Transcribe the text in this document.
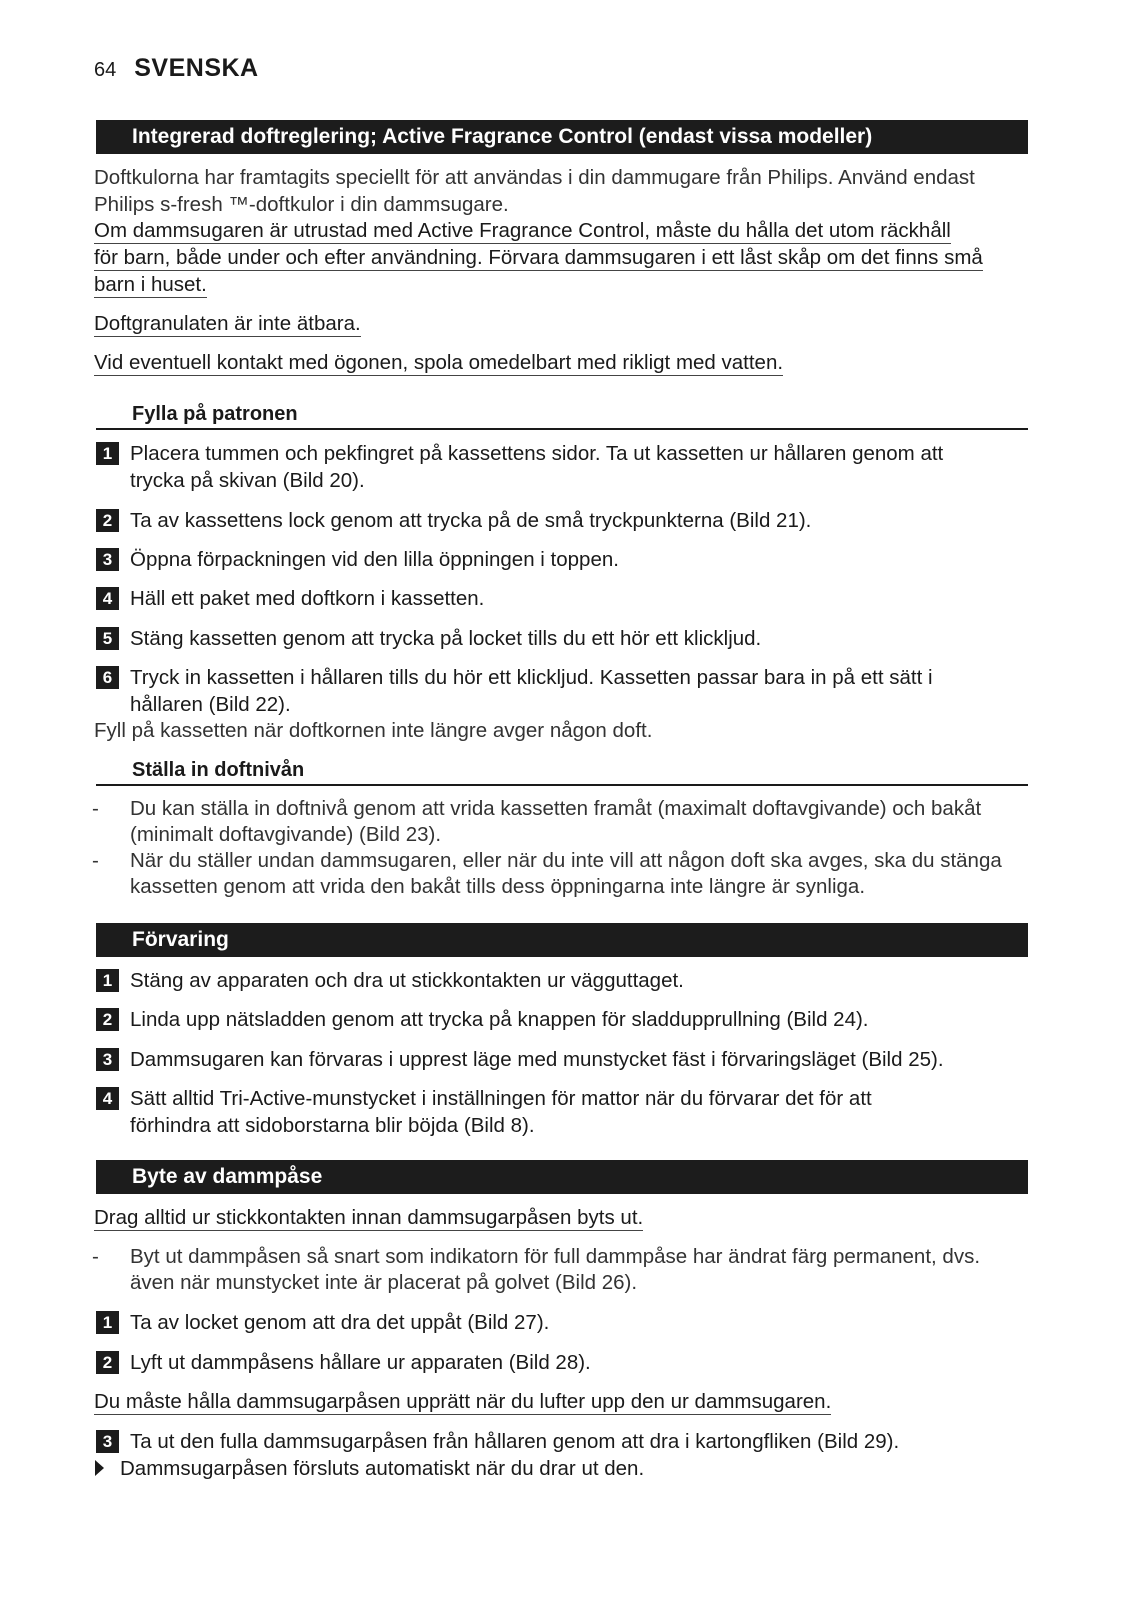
64 SVENSKA
Integrerad doftreglering; Active Fragrance Control (endast vissa modeller)
Doftkulorna har framtagits speciellt för att användas i din dammugare från Philips. Använd endast
Philips s-fresh ™-doftkulor i din dammsugare.
Om dammsugaren är utrustad med Active Fragrance Control, måste du hålla det utom räckhåll
för barn, både under och efter användning. Förvara dammsugaren i ett låst skåp om det finns små
barn i huset.
Doftgranulaten är inte ätbara.
Vid eventuell kontakt med ögonen, spola omedelbart med rikligt med vatten.
Fylla på patronen
1 Placera tummen och pekfingret på kassettens sidor. Ta ut kassetten ur hållaren genom att
trycka på skivan (Bild 20).
2 Ta av kassettens lock genom att trycka på de små tryckpunkterna (Bild 21).
3 Öppna förpackningen vid den lilla öppningen i toppen.
4 Häll ett paket med doftkorn i kassetten.
5 Stäng kassetten genom att trycka på locket tills du ett hör ett klickljud.
6 Tryck in kassetten i hållaren tills du hör ett klickljud. Kassetten passar bara in på ett sätt i
hållaren (Bild 22).
Fyll på kassetten när doftkornen inte längre avger någon doft.
Ställa in doftnivån
-	Du kan ställa in doftnivå genom att vrida kassetten framåt (maximalt doftavgivande) och bakåt
(minimalt doftavgivande) (Bild 23).
-	När du ställer undan dammsugaren, eller när du inte vill att någon doft ska avges, ska du stänga
kassetten genom att vrida den bakåt tills dess öppningarna inte längre är synliga.
Förvaring
1 Stäng av apparaten och dra ut stickkontakten ur vägguttaget.
2 Linda upp nätsladden genom att trycka på knappen för sladdupprullning (Bild 24).
3 Dammsugaren kan förvaras i upprest läge med munstycket fäst i förvaringsläget (Bild 25).
4 Sätt alltid Tri-Active-munstycket i inställningen för mattor när du förvarar det för att
förhindra att sidoborstarna blir böjda (Bild 8).
Byte av dammpåse
Drag alltid ur stickkontakten innan dammsugarpåsen byts ut.
-	Byt ut dammpåsen så snart som indikatorn för full dammpåse har ändrat färg permanent, dvs.
även när munstycket inte är placerat på golvet (Bild 26).
1 Ta av locket genom att dra det uppåt (Bild 27).
2 Lyft ut dammpåsens hållare ur apparaten (Bild 28).
Du måste hålla dammsugarpåsen upprätt när du lufter upp den ur dammsugaren.
3 Ta ut den fulla dammsugarpåsen från hållaren genom att dra i kartongfliken (Bild 29).
Dammsugarpåsen försluts automatiskt när du drar ut den.
